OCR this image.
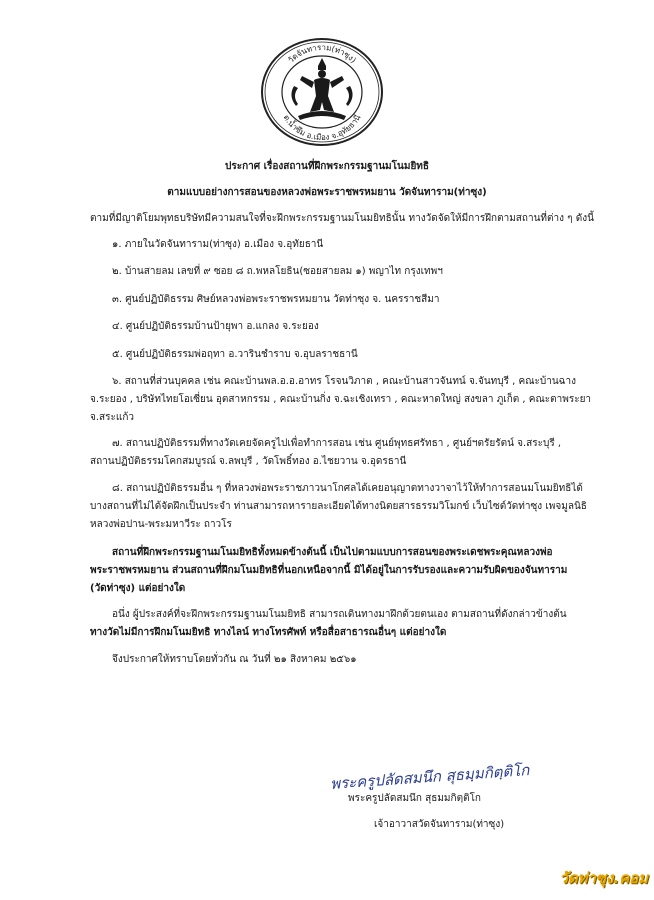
วัดจันทาราม(ท่าซุง)
ต.น้ำซึม อ.เมือง จ.อุทัยธานี
ประกาศ เรื่องสถานที่ฝึกพระกรรมฐานมโนมยิทธิ
ตามแบบอย่างการสอนของหลวงพ่อพระราชพรหมยาน วัดจันทาราม(ท่าซุง)
ตามที่มีญาติโยมพุทธบริษัทมีความสนใจที่จะฝึกพระกรรมฐานมโนมยิทธินั้น ทางวัดจัดให้มีการฝึกตามสถานที่ต่าง ๆ ดังนี้
๑. ภายในวัดจันทาราม(ท่าซุง) อ.เมือง จ.อุทัยธานี
๒. บ้านสายลม เลขที่ ๙ ซอย ๘ ถ.พหลโยธิน(ซอยสายลม ๑) พญาไท กรุงเทพฯ
๓. ศูนย์ปฏิบัติธรรม ศิษย์หลวงพ่อพระราชพรหมยาน วัดท่าซุง จ. นครราชสีมา
๔. ศูนย์ปฏิบัติธรรมบ้านป้ายุพา อ.แกลง จ.ระยอง
๕. ศูนย์ปฏิบัติธรรมพ่อฤทา อ.วารินชำราบ จ.อุบลราชธานี
๖. สถานที่ส่วนบุคคล เช่น คณะบ้านพล.อ.อ.อาทร โรจนวิภาต , คณะบ้านสาวจันทน์ จ.จันทบุรี , คณะบ้านฉาง
จ.ระยอง , บริษัทไทยโอเซี่ยน อุตสาหกรรม , คณะบ้านกิ่ง จ.ฉะเชิงเทรา , คณะหาดใหญ่ สงขลา ภูเก็ต , คณะตาพระยา
จ.สระแก้ว
๗. สถานปฏิบัติธรรมที่ทางวัดเคยจัดครูไปเพื่อทำการสอน เช่น ศูนย์พุทธศรัทธา , ศูนย์ฯตรัยรัตน์ จ.สระบุรี ,
สถานปฏิบัติธรรมโคกสมบูรณ์ จ.ลพบุรี , วัดโพธิ์ทอง อ.ไชยวาน จ.อุดรธานี
๘. สถานปฏิบัติธรรมอื่น ๆ ที่หลวงพ่อพระราชภาวนาโกศลได้เคยอนุญาตทางวาจาไว้ให้ทำการสอนมโนมยิทธิได้
บางสถานที่ไม่ได้จัดฝึกเป็นประจำ ท่านสามารถหารายละเอียดได้ทางนิตยสารธรรมวิโมกข์ เว็บไซต์วัดท่าซุง เพจมูลนิธิ
หลวงพ่อปาน-พระมหาวีระ ถาวโร
สถานที่ฝึกพระกรรมฐานมโนมยิทธิทั้งหมดข้างต้นนี้ เป็นไปตามแบบการสอนของพระเดชพระคุณหลวงพ่อ
พระราชพรหมยาน ส่วนสถานที่ฝึกมโนมยิทธิที่นอกเหนือจากนี้ มิได้อยู่ในการรับรองและความรับผิดของจันทาราม
(วัดท่าซุง) แต่อย่างใด
อนึ่ง ผู้ประสงค์ที่จะฝึกพระกรรมฐานมโนมยิทธิ สามารถเดินทางมาฝึกด้วยตนเอง ตามสถานที่ดังกล่าวข้างต้น
ทางวัดไม่มีการฝึกมโนมยิทธิ ทางไลน์ ทางโทรศัพท์ หรือสื่อสาธารณอื่นๆ แต่อย่างใด
จึงประกาศให้ทราบโดยทั่วกัน ณ วันที่ ๒๑ สิงหาคม ๒๕๖๑
พระครูปลัดสมนึก สุธมฺมกิตฺติโก
พระครูปลัดสมนึก สุธมมกิตฺติโก
เจ้าอาวาสวัดจันทาราม(ท่าซุง)
วัดท่าซุง.คอม
